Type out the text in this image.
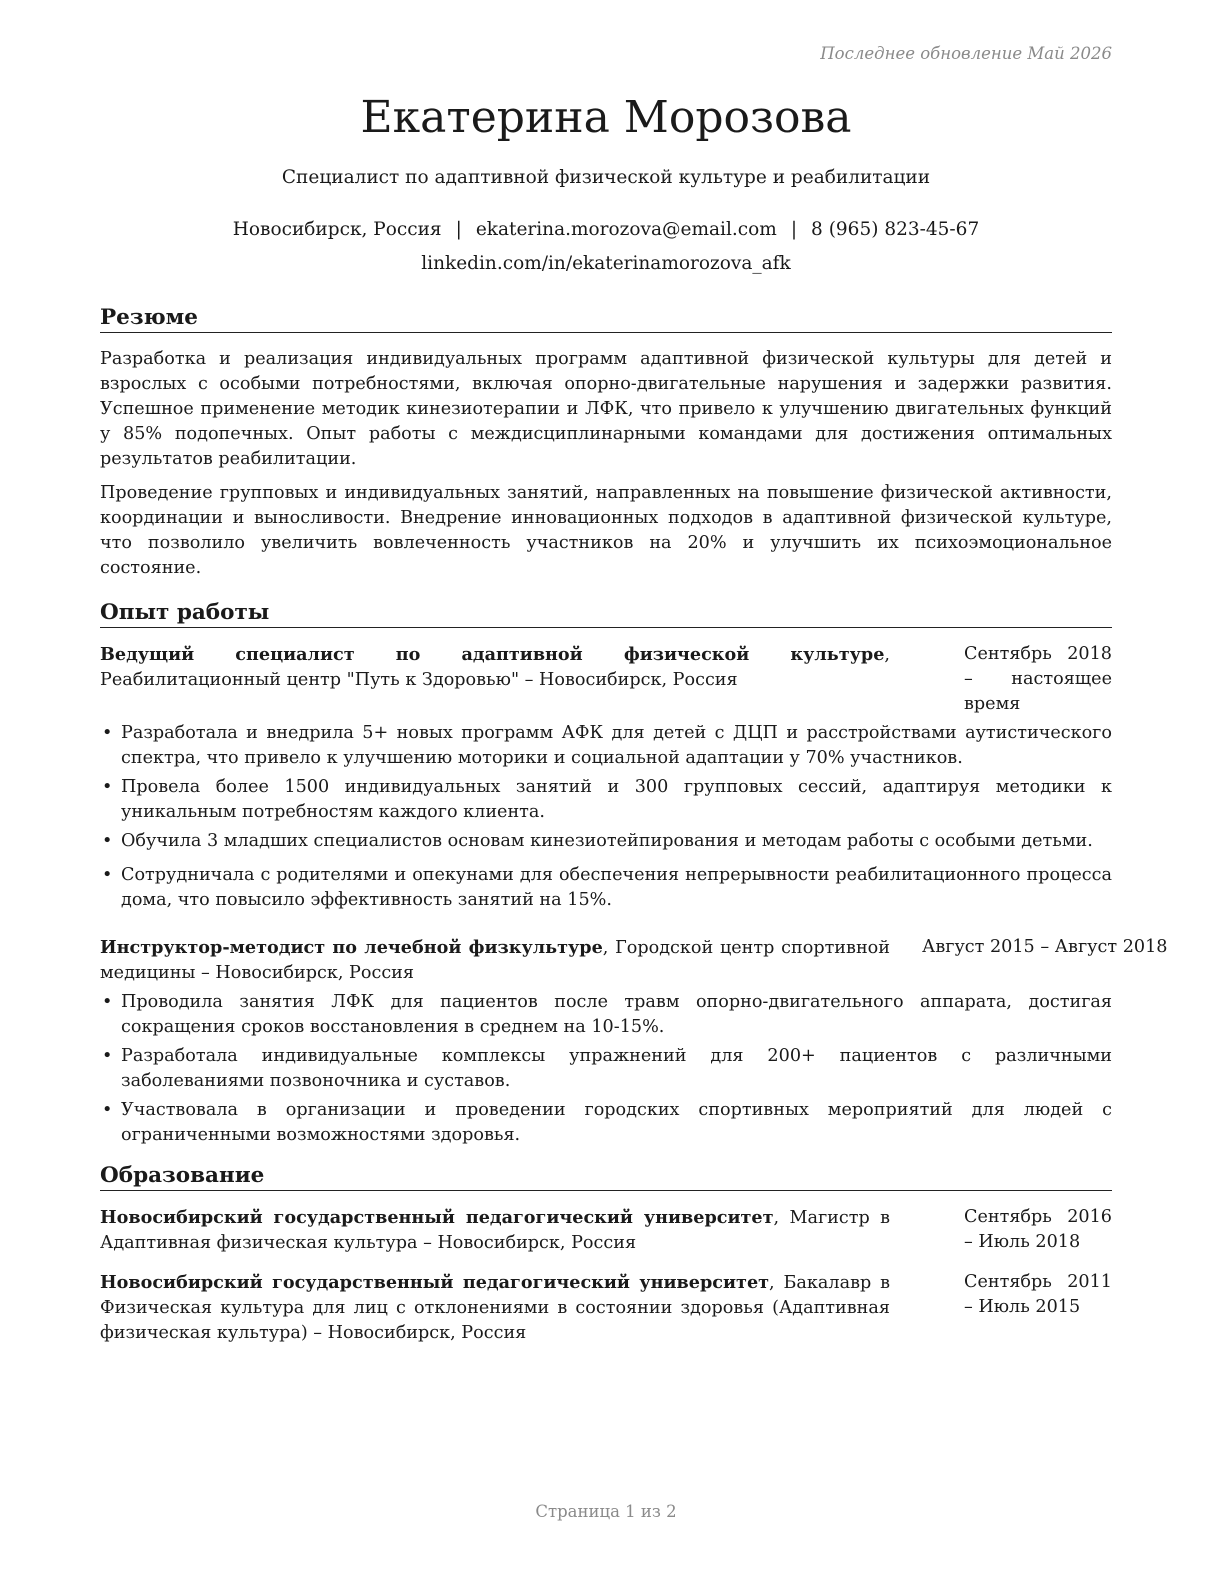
Последнее обновление Май 2026
Екатерина Морозова
Специалист по адаптивной физической культуре и реабилитации
Новосибирск, Россия | ekaterina.morozova@email.com | 8 (965) 823-45-67
linkedin.com/in/ekaterinamorozova_afk
Резюме

Разработка и реализация индивидуальных программ адаптивной физической культуры для детей и взрослых с особыми потребностями, включая опорно-двигательные нарушения и задержки развития. Успешное применение методик кинезиотерапии и ЛФК, что привело к улучшению двигательных функций у 85% подопечных. Опыт работы с междисциплинарными командами для достижения оптимальных результатов реабилитации.

Проведение групповых и индивидуальных занятий, направленных на повышение физической активности, координации и выносливости. Внедрение инновационных подходов в адаптивной физической культуре, что позволило увеличить вовлеченность участников на 20% и улучшить их психоэмоциональное состояние.

Опыт работы
Ведущий специалист по адаптивной физической культуре, Реабилитационный центр "Путь к Здоровью" – Новосибирск, Россия
Сентябрь 2018 – настоящее время
• Разработала и внедрила 5+ новых программ АФК для детей с ДЦП и расстройствами аутистического спектра, что привело к улучшению моторики и социальной адаптации у 70% участников.
• Провела более 1500 индивидуальных занятий и 300 групповых сессий, адаптируя методики к уникальным потребностям каждого клиента.
• Обучила 3 младших специалистов основам кинезиотейпирования и методам работы с особыми детьми.
• Сотрудничала с родителями и опекунами для обеспечения непрерывности реабилитационного процесса дома, что повысило эффективность занятий на 15%.
Инструктор-методист по лечебной физкультуре, Городской центр спортивной медицины – Новосибирск, Россия
Август 2015 – Август 2018
• Проводила занятия ЛФК для пациентов после травм опорно-двигательного аппарата, достигая сокращения сроков восстановления в среднем на 10-15%.
• Разработала индивидуальные комплексы упражнений для 200+ пациентов с различными заболеваниями позвоночника и суставов.
• Участвовала в организации и проведении городских спортивных мероприятий для людей с ограниченными возможностями здоровья.
Образование
Новосибирский государственный педагогический университет, Магистр в Адаптивная физическая культура – Новосибирск, Россия
Сентябрь 2016 – Июль 2018
Новосибирский государственный педагогический университет, Бакалавр в Физическая культура для лиц с отклонениями в состоянии здоровья (Адаптивная физическая культура) – Новосибирск, Россия
Сентябрь 2011 – Июль 2015
Страница 1 из 2
